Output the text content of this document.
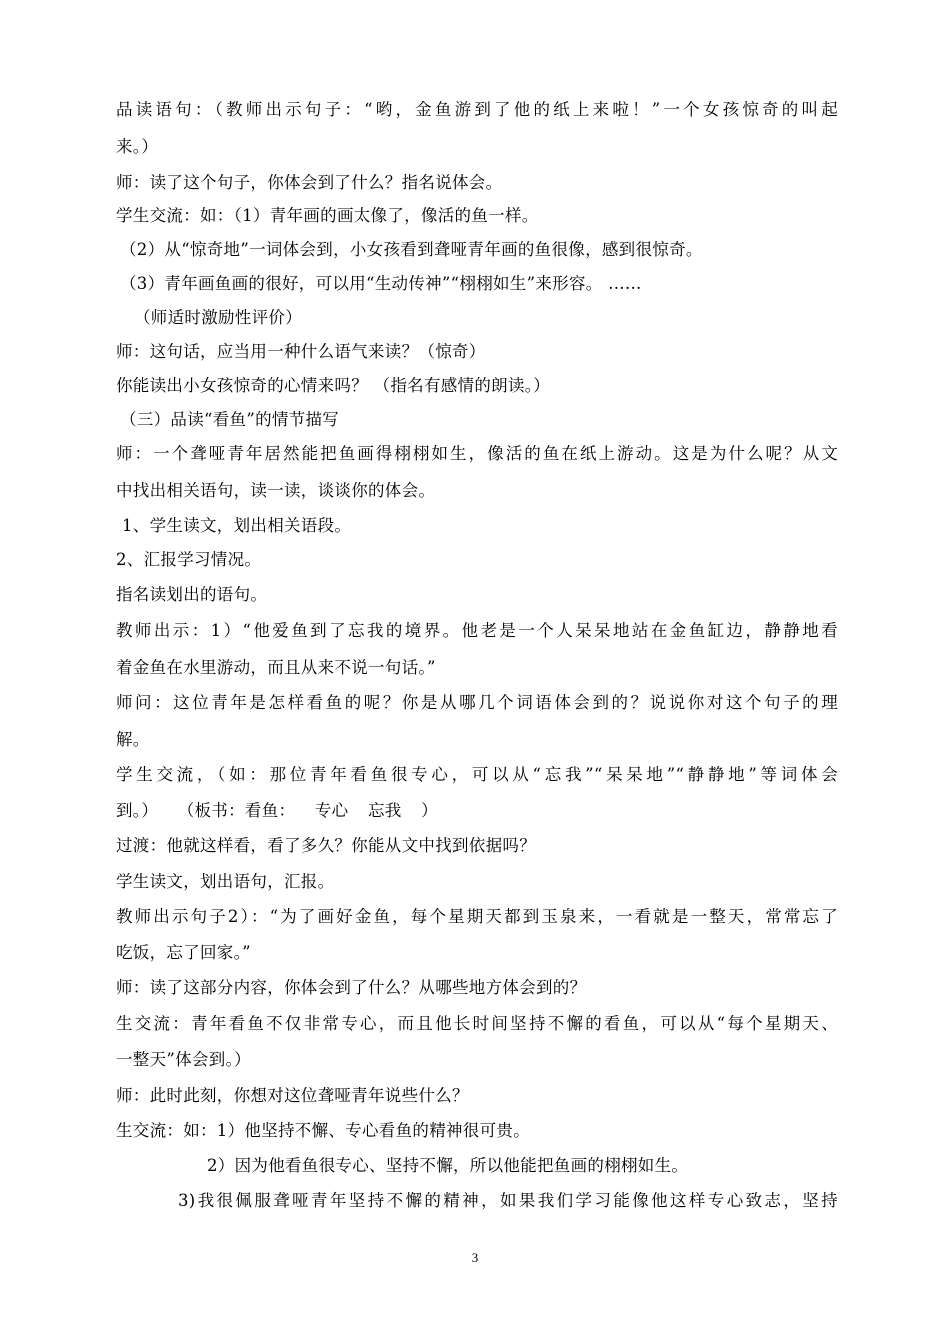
品读语句：（教师出示句子：“哟，金鱼游到了他的纸上来啦！”一个女孩惊奇的叫起
来。）
师：读了这个句子，你体会到了什么？指名说体会。
学生交流：如：（1）青年画的画太像了，像活的鱼一样。
（2）从“惊奇地”一词体会到，小女孩看到聋哑青年画的鱼很像，感到很惊奇。
（3）青年画鱼画的很好，可以用“生动传神”“栩栩如生”来形容。 ……
（师适时激励性评价）
师：这句话，应当用一种什么语气来读？（惊奇）
你能读出小女孩惊奇的心情来吗？ （指名有感情的朗读。）
（三）品读“看鱼”的情节描写
师：一个聋哑青年居然能把鱼画得栩栩如生，像活的鱼在纸上游动。这是为什么呢？从文
中找出相关语句，读一读，谈谈你的体会。
1、学生读文，划出相关语段。
2、汇报学习情况。
指名读划出的语句。
教师出示：1）“他爱鱼到了忘我的境界。他老是一个人呆呆地站在金鱼缸边，静静地看
着金鱼在水里游动，而且从来不说一句话。”
师问：这位青年是怎样看鱼的呢？你是从哪几个词语体会到的？说说你对这个句子的理
解。
学生交流，（如：那位青年看鱼很专心，可以从“忘我”“呆呆地”“静静地”等词体会
到。） （板书：看鱼： 专心 忘我 ）
过渡：他就这样看，看了多久？你能从文中找到依据吗？
学生读文，划出语句，汇报。
教师出示句子2）：“为了画好金鱼，每个星期天都到玉泉来，一看就是一整天，常常忘了
吃饭，忘了回家。”
师：读了这部分内容，你体会到了什么？从哪些地方体会到的？
生交流：青年看鱼不仅非常专心，而且他长时间坚持不懈的看鱼，可以从“每个星期天、
一整天”体会到。）
师：此时此刻，你想对这位聋哑青年说些什么？
生交流：如：1）他坚持不懈、专心看鱼的精神很可贵。
2）因为他看鱼很专心、坚持不懈，所以他能把鱼画的栩栩如生。
3)我很佩服聋哑青年坚持不懈的精神，如果我们学习能像他这样专心致志，坚持
3
